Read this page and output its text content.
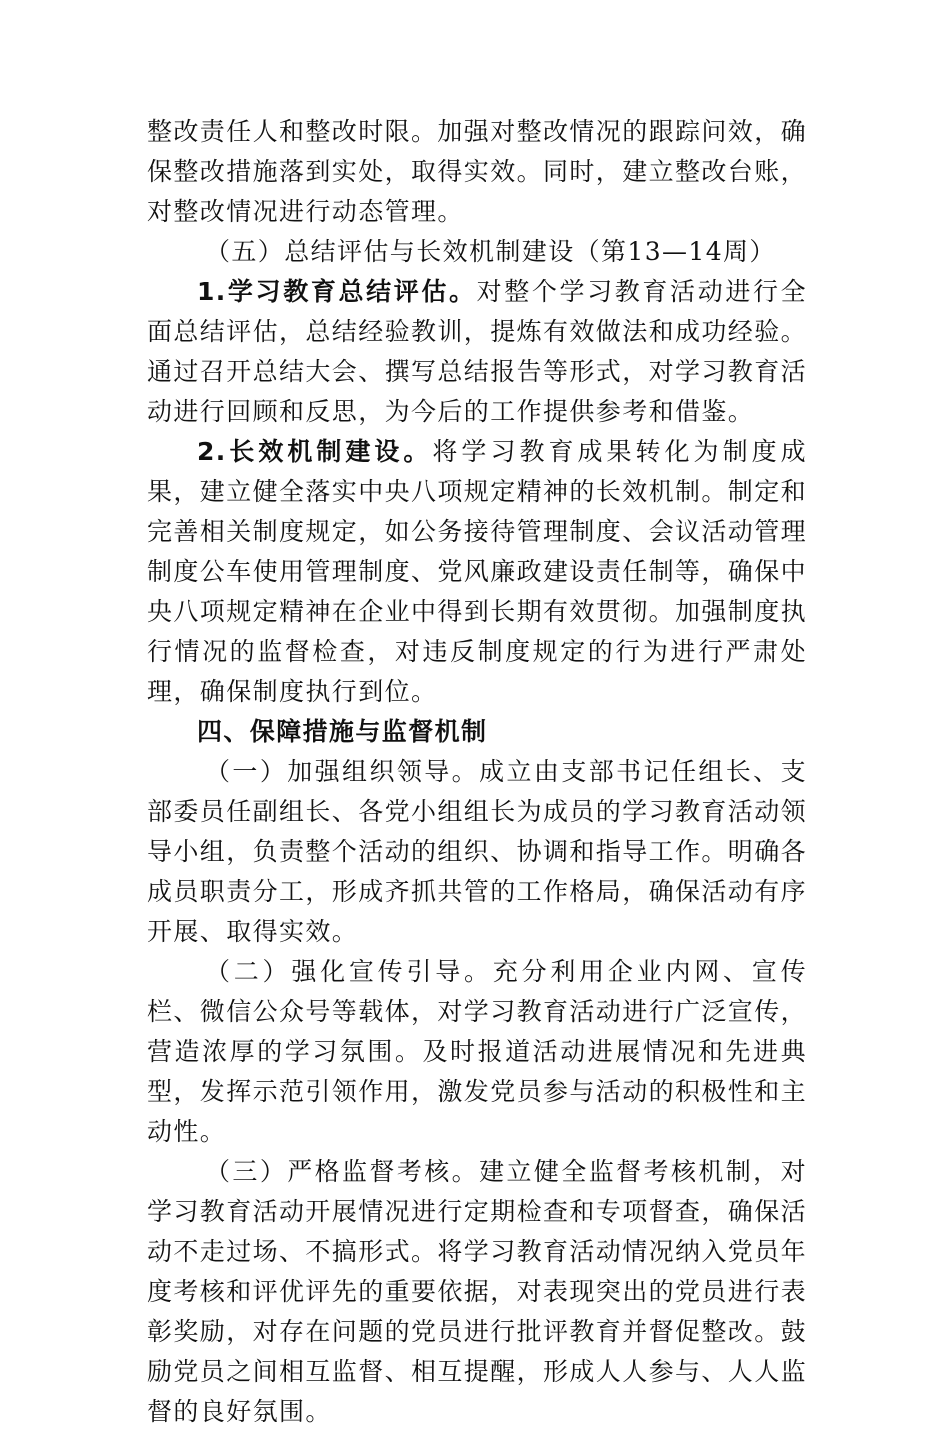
整改责任人和整改时限。加强对整改情况的跟踪问效，确保整改措施落到实处，取得实效。同时，建立整改台账，对整改情况进行动态管理。

（五）总结评估与长效机制建设（第13—14周）

1.学习教育总结评估。对整个学习教育活动进行全面总结评估，总结经验教训，提炼有效做法和成功经验。通过召开总结大会、撰写总结报告等形式，对学习教育活动进行回顾和反思，为今后的工作提供参考和借鉴。

2.长效机制建设。将学习教育成果转化为制度成果，建立健全落实中央八项规定精神的长效机制。制定和完善相关制度规定，如公务接待管理制度、会议活动管理制度公车使用管理制度、党风廉政建设责任制等，确保中央八项规定精神在企业中得到长期有效贯彻。加强制度执行情况的监督检查，对违反制度规定的行为进行严肃处理，确保制度执行到位。

四、保障措施与监督机制

（一）加强组织领导。成立由支部书记任组长、支部委员任副组长、各党小组组长为成员的学习教育活动领导小组，负责整个活动的组织、协调和指导工作。明确各成员职责分工，形成齐抓共管的工作格局，确保活动有序开展、取得实效。

（二）强化宣传引导。充分利用企业内网、宣传栏、微信公众号等载体，对学习教育活动进行广泛宣传，营造浓厚的学习氛围。及时报道活动进展情况和先进典型，发挥示范引领作用，激发党员参与活动的积极性和主动性。

（三）严格监督考核。建立健全监督考核机制，对学习教育活动开展情况进行定期检查和专项督查，确保活动不走过场、不搞形式。将学习教育活动情况纳入党员年度考核和评优评先的重要依据，对表现突出的党员进行表彰奖励，对存在问题的党员进行批评教育并督促整改。鼓励党员之间相互监督、相互提醒，形成人人参与、人人监督的良好氛围。
